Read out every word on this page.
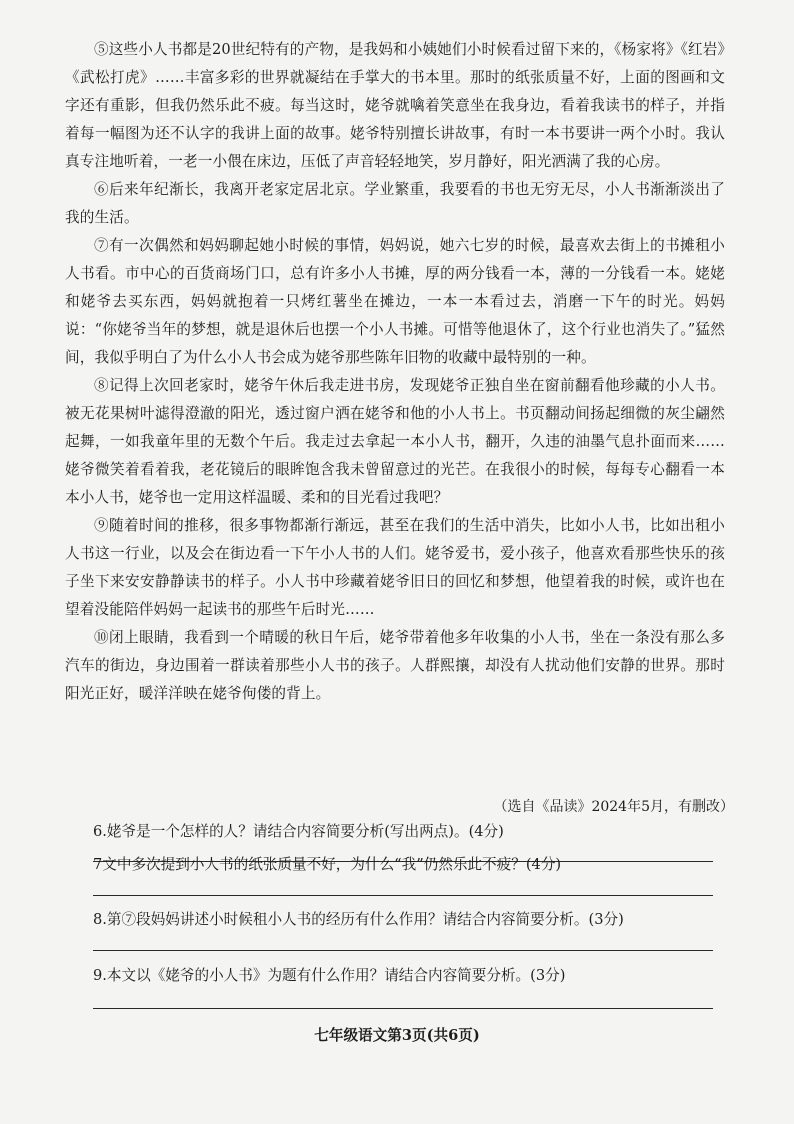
⑤这些小人书都是20世纪特有的产物，是我妈和小姨她们小时候看过留下来的，《杨家将》《红岩》《武松打虎》……丰富多彩的世界就凝结在手掌大的书本里。那时的纸张质量不好，上面的图画和文字还有重影，但我仍然乐此不疲。每当这时，姥爷就噙着笑意坐在我身边，看着我读书的样子，并指着每一幅图为还不认字的我讲上面的故事。姥爷特别擅长讲故事，有时一本书要讲一两个小时。我认真专注地听着，一老一小偎在床边，压低了声音轻轻地笑，岁月静好，阳光洒满了我的心房。

⑥后来年纪渐长，我离开老家定居北京。学业繁重，我要看的书也无穷无尽，小人书渐渐淡出了我的生活。

⑦有一次偶然和妈妈聊起她小时候的事情，妈妈说，她六七岁的时候，最喜欢去街上的书摊租小人书看。市中心的百货商场门口，总有许多小人书摊，厚的两分钱看一本，薄的一分钱看一本。姥姥和姥爷去买东西，妈妈就抱着一只烤红薯坐在摊边，一本一本看过去，消磨一下午的时光。妈妈说：“你姥爷当年的梦想，就是退休后也摆一个小人书摊。可惜等他退休了，这个行业也消失了。”猛然间，我似乎明白了为什么小人书会成为姥爷那些陈年旧物的收藏中最特别的一种。

⑧记得上次回老家时，姥爷午休后我走进书房，发现姥爷正独自坐在窗前翻看他珍藏的小人书。被无花果树叶滤得澄澈的阳光，透过窗户洒在姥爷和他的小人书上。书页翻动间扬起细微的灰尘翩然起舞，一如我童年里的无数个午后。我走过去拿起一本小人书，翻开，久违的油墨气息扑面而来……姥爷微笑着看着我，老花镜后的眼眸饱含我未曾留意过的光芒。在我很小的时候，每每专心翻看一本本小人书，姥爷也一定用这样温暖、柔和的目光看过我吧？

⑨随着时间的推移，很多事物都渐行渐远，甚至在我们的生活中消失，比如小人书，比如出租小人书这一行业，以及会在街边看一下午小人书的人们。姥爷爱书，爱小孩子，他喜欢看那些快乐的孩子坐下来安安静静读书的样子。小人书中珍藏着姥爷旧日的回忆和梦想，他望着我的时候，或许也在望着没能陪伴妈妈一起读书的那些午后时光……

⑩闭上眼睛，我看到一个晴暖的秋日午后，姥爷带着他多年收集的小人书，坐在一条没有那么多汽车的街边，身边围着一群读着那些小人书的孩子。人群熙攘，却没有人扰动他们安静的世界。那时阳光正好，暖洋洋映在姥爷佝偻的背上。

（选自《品读》2024年5月，有删改）

6.姥爷是一个怎样的人？请结合内容简要分析(写出两点)。(4分)

7文中多次提到小人书的纸张质量不好，为什么“我”仍然乐此不疲？(4分)

8.第⑦段妈妈讲述小时候租小人书的经历有什么作用？请结合内容简要分析。(3分)

9.本文以《姥爷的小人书》为题有什么作用？请结合内容简要分析。(3分)

七年级语文第3页(共6页)
